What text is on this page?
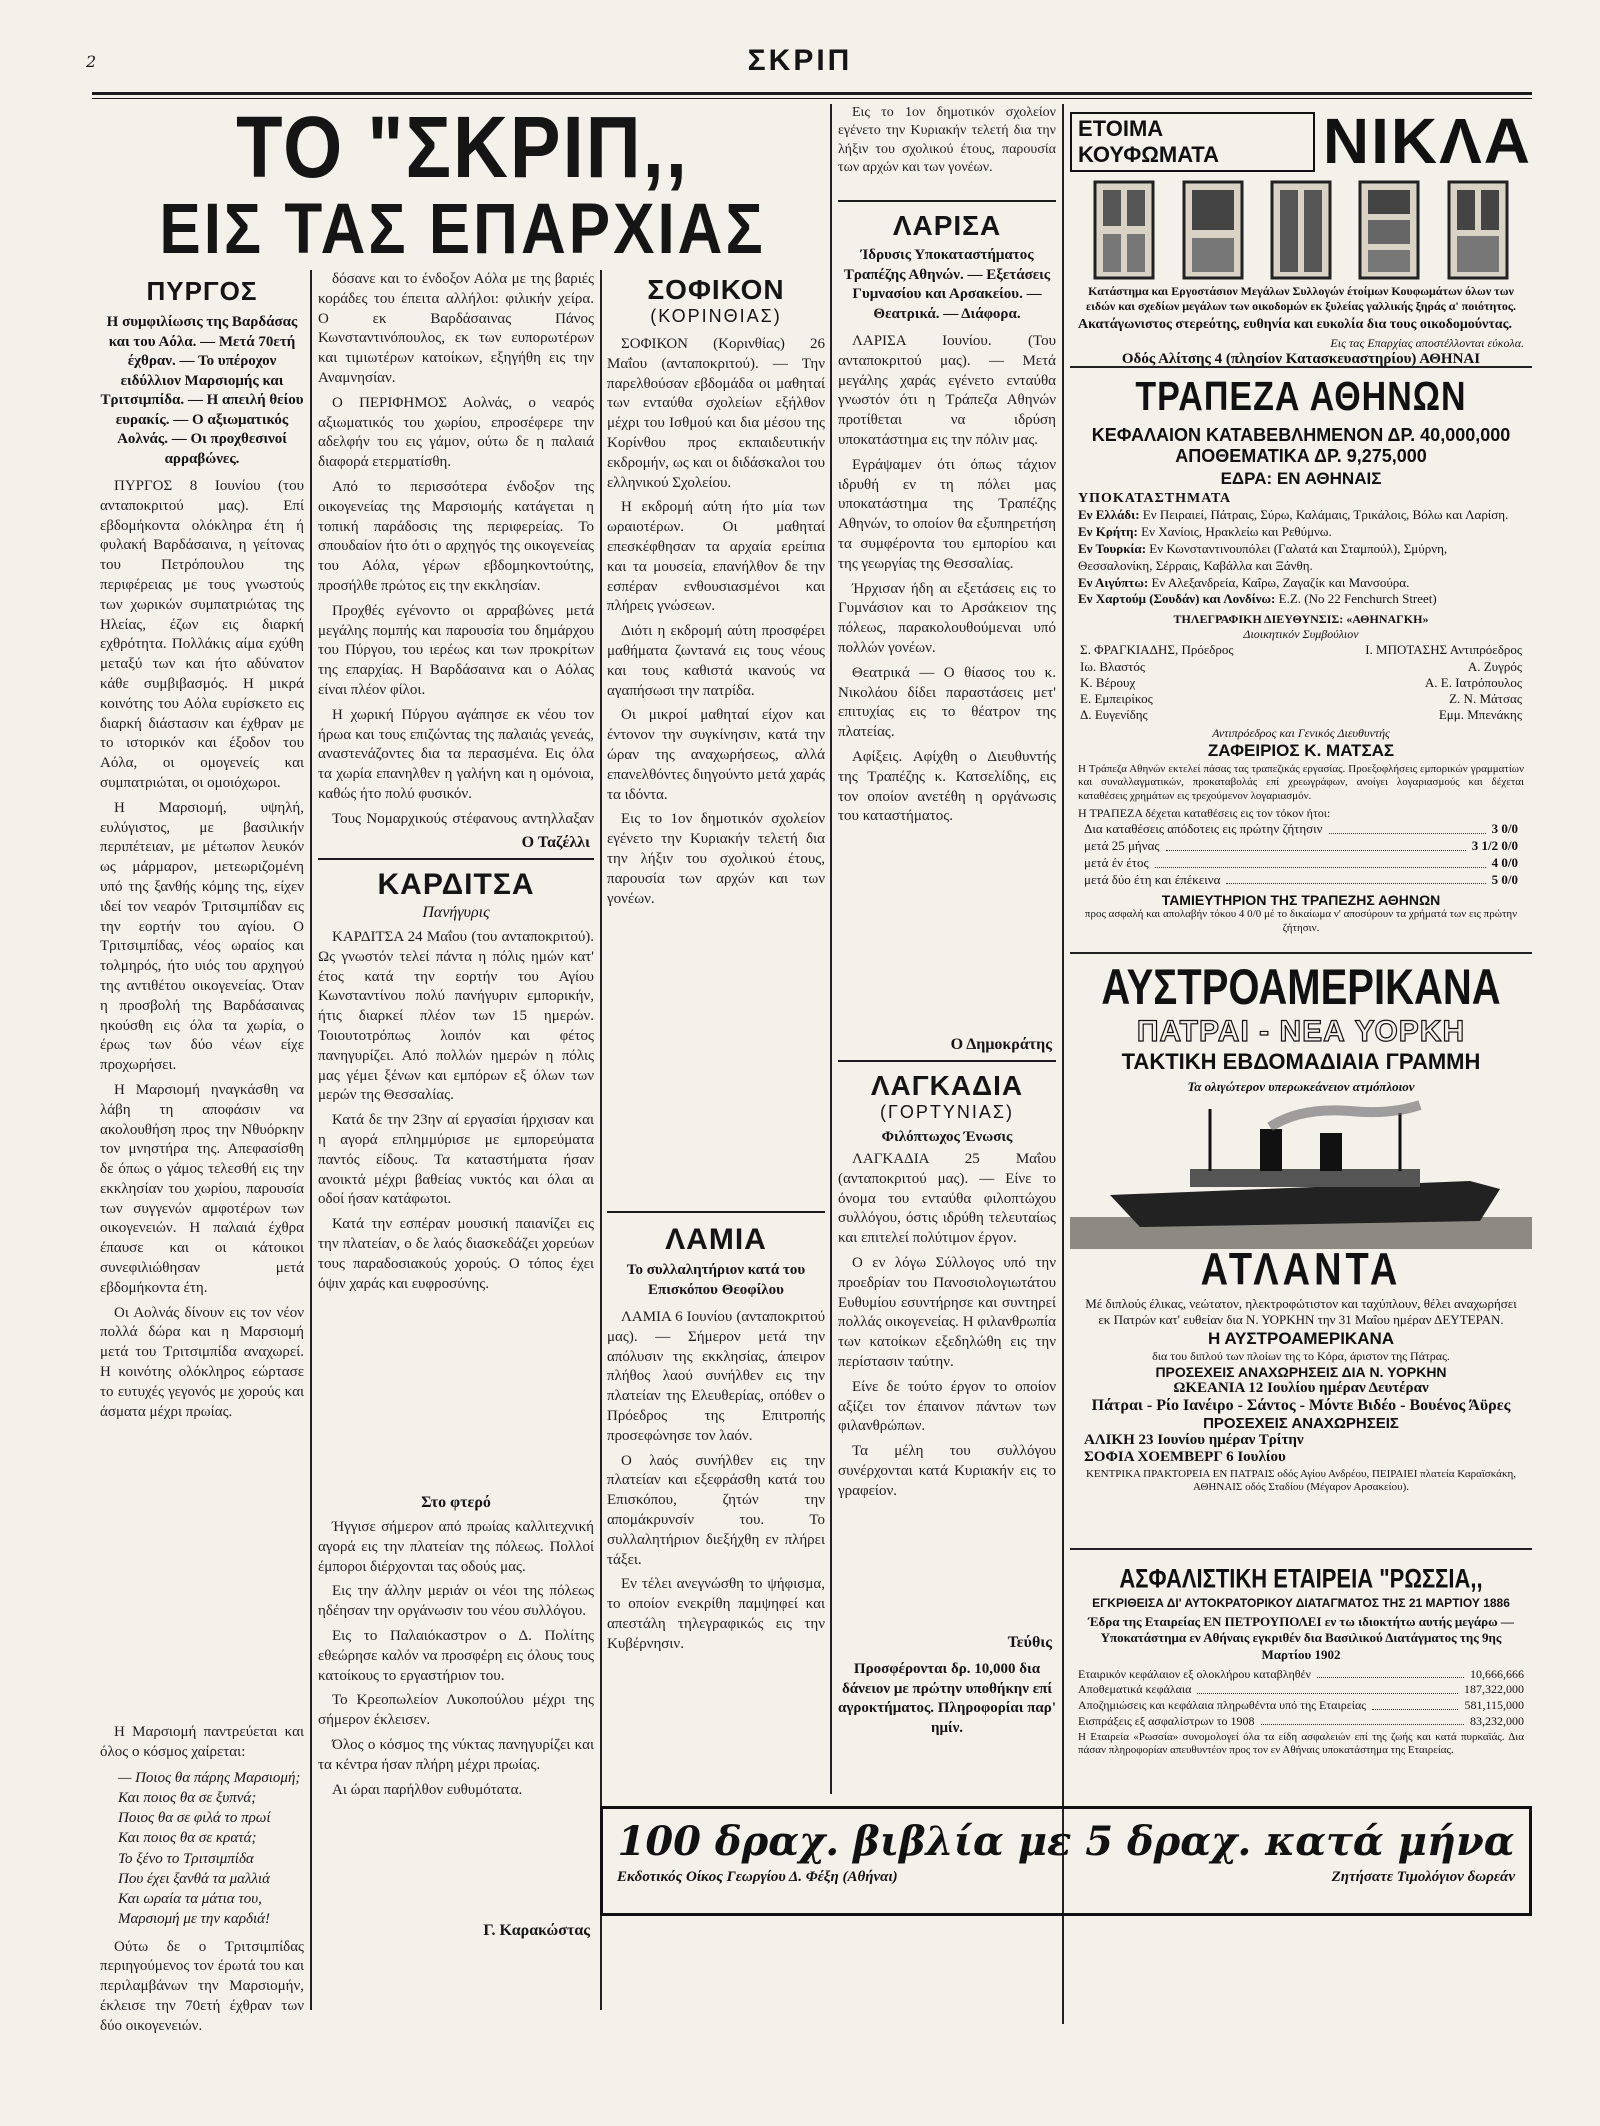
2	ΣΚΡΙΠ
ΤΟ "ΣΚΡΙΠ,,
ΕΙΣ ΤΑΣ ΕΠΑΡΧΙΑΣ
ΠΥΡΓΟΣ
Η συμφιλίωσις της Βαρδάσας και του Αόλα. — Μετά 70ετή έχθραν. — Το υπέροχον ειδύλλιον Μαρσιομής και Τριτσιμπίδα. — Η απειλή θείου ευρακίς. — Ο αξιωματικός Αολνάς. — Οι προχθεσινοί αρραβώνες.

ΠΥΡΓΟΣ 8 Ιουνίου (του ανταποκριτού μας). Επί εβδομήκοντα ολόκληρα έτη ή φυλακή Βαρδάσαινα, η γείτονας του Πετρόπουλου της περιφέρειας με τους γνωστούς των χωρικών συμπατριώτας της Ηλείας, έζων εις διαρκή εχθρότητα. Πολλάκις αίμα εχύθη μεταξύ των και ήτο αδύνατον κάθε συμβιβασμός. Η μικρά κοινότης του Αόλα ευρίσκετο εις διαρκή διάστασιν και έχθραν με το ιστορικόν και έξοδον του Αόλα, οι ομογενείς και συμπατριώται, οι ομοιόχωροι.

Η Μαρσιομή, υψηλή, ευλύγιστος, με βασιλικήν περιπέτειαν, με μέτωπον λευκόν ως μάρμαρον, μετεωριζομένη υπό της ξανθής κόμης της, είχεν ιδεί τον νεαρόν Τριτσιμπίδαν εις την εορτήν του αγίου. Ο Τριτσιμπίδας, νέος ωραίος και τολμηρός, ήτο υιός του αρχηγού της αντιθέτου οικογενείας. Όταν η προσβολή της Βαρδάσαινας ηκούσθη εις όλα τα χωρία, ο έρως των δύο νέων είχε προχωρήσει.

Η Μαρσιομή ηναγκάσθη να λάβη τη αποφάσιν να ακολουθήση προς την Νθυόρκην τον μνηστήρα της. Απεφασίσθη δε όπως ο γάμος τελεσθή εις την εκκλησίαν του χωρίου, παρουσία των συγγενών αμφοτέρων των οικογενειών. Η παλαιά έχθρα έπαυσε και οι κάτοικοι συνεφιλιώθησαν μετά εβδομήκοντα έτη.

Οι Αολνάς δίνουν εις τον νέον πολλά δώρα και η Μαρσιομή μετά του Τριτσιμπίδα αναχωρεί. Η κοινότης ολόκληρος εώρτασε το ευτυχές γεγονός με χορούς και άσματα μέχρι πρωίας.

Η Μαρσιομή παντρεύεται και όλος ο κόσμος χαίρεται:

— Ποιος θα πάρης Μαρσιομή;
Και ποιος θα σε ξυπνά;
Ποιος θα σε φιλά το πρωί
Και ποιος θα σε κρατά;
Το ξένο το Τριτσιμπίδα
Που έχει ξανθά τα μαλλιά
Και ωραία τα μάτια του,
Μαρσιομή με την καρδιά!

Ούτω δε ο Τριτσιμπίδας περιηγούμενος τον έρωτά του και περιλαμβάνων την Μαρσιομήν, έκλεισε την 70ετή έχθραν των δύο οικογενειών.

δόσανε και το ένδοξον Αόλα με της βαριές κοράδες του έπειτα αλλήλοι: φιλικήν χείρα. Ο εκ Βαρδάσαινας Πάνος Κωνσταντινόπουλος, εκ των ευπορωτέρων και τιμιωτέρων κατοίκων, εξηγήθη εις την Αναμνησίαν.

Ο ΠΕΡΙΦΗΜΟΣ Αολνάς, ο νεαρός αξιωματικός του χωρίου, επροσέφερε την αδελφήν του εις γάμον, ούτω δε η παλαιά διαφορά ετερματίσθη.

Από το περισσότερα ένδοξον της οικογενείας της Μαρσιομής κατάγεται η τοπική παράδοσις της περιφερείας. Το σπουδαίον ήτο ότι ο αρχηγός της οικογενείας του Αόλα, γέρων εβδομηκοντούτης, προσήλθε πρώτος εις την εκκλησίαν.

Προχθές εγένοντο οι αρραβώνες μετά μεγάλης πομπής και παρουσία του δημάρχου του Πύργου, του ιερέως και των προκρίτων της επαρχίας. Η Βαρδάσαινα και ο Αόλας είναι πλέον φίλοι.

Η χωρική Πύργου αγάπησε εκ νέου τον ήρωα και τους επιζώντας της παλαιάς γενεάς, αναστενάζοντες δια τα περασμένα. Εις όλα τα χωρία επανηλθεν η γαλήνη και η ομόνοια, καθώς ήτο πολύ φυσικόν.

Τους Νομαρχικούς στέφανους αντηλλαξαν

Ο Ταζέλλι
ΚΑΡΔΙΤΣΑ
Πανήγυρις

ΚΑΡΔΙΤΣΑ 24 Μαΐου (του ανταποκριτού). Ως γνωστόν τελεί πάντα η πόλις ημών κατ' έτος κατά την εορτήν του Αγίου Κωνσταντίνου πολύ πανήγυριν εμπορικήν, ήτις διαρκεί πλέον των 15 ημερών. Τοιουτοτρόπως λοιπόν και φέτος πανηγυρίζει. Από πολλών ημερών η πόλις μας γέμει ξένων και εμπόρων εξ όλων των μερών της Θεσσαλίας.

Κατά δε την 23ην αί εργασίαι ήρχισαν και η αγορά επλημμύρισε με εμπορεύματα παντός είδους. Τα καταστήματα ήσαν ανοικτά μέχρι βαθείας νυκτός και όλαι αι οδοί ήσαν κατάφωτοι.

Κατά την εσπέραν μουσική παιανίζει εις την πλατείαν, ο δε λαός διασκεδάζει χορεύων τους παραδοσιακούς χορούς. Ο τόπος έχει όψιν χαράς και ευφροσύνης.

Στο φτερό

Ήγγισε σήμερον από πρωίας καλλιτεχνική αγορά εις την πλατείαν της πόλεως. Πολλοί έμποροι διέρχονται τας οδούς μας.

Εις την άλλην μεριάν οι νέοι της πόλεως ηδέησαν την οργάνωσιν του νέου συλλόγου.

Εις το Παλαιόκαστρον ο Δ. Πολίτης εθεώρησε καλόν να προσφέρη εις όλους τους κατοίκους το εργαστήριον του.

Το Κρεοπωλείον Λυκοπούλου μέχρι της σήμερον έκλεισεν.

Όλος ο κόσμος της νύκτας πανηγυρίζει και τα κέντρα ήσαν πλήρη μέχρι πρωίας.

Αι ώραι παρήλθον ευθυμότατα.

Γ. Καρακώστας
ΣΟΦΙΚΟΝ
(ΚΟΡΙΝΘΙΑΣ)

ΣΟΦΙΚΟΝ (Κορινθίας) 26 Μαΐου (ανταποκριτού). — Την παρελθούσαν εβδομάδα οι μαθηταί των ενταύθα σχολείων εξήλθον μέχρι του Ισθμού και δια μέσου της Κορίνθου προς εκπαιδευτικήν εκδρομήν, ως και οι διδάσκαλοι του ελληνικού Σχολείου.

Η εκδρομή αύτη ήτο μία των ωραιοτέρων. Οι μαθηταί επεσκέφθησαν τα αρχαία ερείπια και τα μουσεία, επανήλθον δε την εσπέραν ενθουσιασμένοι και πλήρεις γνώσεων.

Διότι η εκδρομή αύτη προσφέρει μαθήματα ζωντανά εις τους νέους και τους καθιστά ικανούς να αγαπήσωσι την πατρίδα.

Οι μικροί μαθηταί είχον και έντονον την συγκίνησιν, κατά την ώραν της αναχωρήσεως, αλλά επανελθόντες διηγούντο μετά χαράς τα ιδόντα.

Εις το 1ον δημοτικόν σχολείον εγένετο την Κυριακήν τελετή δια την λήξιν του σχολικού έτους, παρουσία των αρχών και των γονέων.

ΛΑΜΙΑ
Το συλλαλητήριον κατά του Επισκόπου Θεοφίλου

ΛΑΜΙΑ 6 Ιουνίου (ανταποκριτού μας). — Σήμερον μετά την απόλυσιν της εκκλησίας, άπειρον πλήθος λαού συνήλθεν εις την πλατείαν της Ελευθερίας, οπόθεν ο Πρόεδρος της Επιτροπής προσεφώνησε τον λαόν.

Ο λαός συνήλθεν εις την πλατείαν και εξεφράσθη κατά του Επισκόπου, ζητών την απομάκρυνσίν του. Το συλλαλητήριον διεξήχθη εν πλήρει τάξει.

Εν τέλει ανεγνώσθη το ψήφισμα, το οποίον ενεκρίθη παμψηφεί και απεστάλη τηλεγραφικώς εις την Κυβέρνησιν.

Εις το 1ον δημοτικόν σχολείον εγένετο την Κυριακήν τελετή δια την λήξιν του σχολικού έτους, παρουσία των αρχών και των γονέων.

ΛΑΡΙΣΑ
Ίδρυσις Υποκαταστήματος Τραπέζης Αθηνών. — Εξετάσεις Γυμνασίου και Αρσακείου. — Θεατρικά. — Διάφορα.

ΛΑΡΙΣΑ Ιουνίου. (Του ανταποκριτού μας). — Μετά μεγάλης χαράς εγένετο ενταύθα γνωστόν ότι η Τράπεζα Αθηνών προτίθεται να ιδρύση υποκατάστημα εις την πόλιν μας.

Εγράψαμεν ότι όπως τάχιον ιδρυθή εν τη πόλει μας υποκατάστημα της Τραπέζης Αθηνών, το οποίον θα εξυπηρετήση τα συμφέροντα του εμπορίου και της γεωργίας της Θεσσαλίας.

Ήρχισαν ήδη αι εξετάσεις εις το Γυμνάσιον και το Αρσάκειον της πόλεως, παρακολουθούμεναι υπό πολλών γονέων.

Θεατρικά — Ο θίασος του κ. Νικολάου δίδει παραστάσεις μετ' επιτυχίας εις το θέατρον της πλατείας.

Αφίξεις. Αφίχθη ο Διευθυντής της Τραπέζης κ. Κατσελίδης, εις τον οποίον ανετέθη η οργάνωσις του καταστήματος.

Ο Δημοκράτης
ΛΑΓΚΑΔΙΑ
(ΓΟΡΤΥΝΙΑΣ)
Φιλόπτωχος Ένωσις

ΛΑΓΚΑΔΙΑ 25 Μαΐου (ανταποκριτού μας). — Είνε το όνομα του ενταύθα φιλοπτώχου συλλόγου, όστις ιδρύθη τελευταίως και επιτελεί πολύτιμον έργον.

Ο εν λόγω Σύλλογος υπό την προεδρίαν του Πανοσιολογιωτάτου Ευθυμίου εσυντήρησε και συντηρεί πολλάς οικογενείας. Η φιλανθρωπία των κατοίκων εξεδηλώθη εις την περίστασιν ταύτην.

Είνε δε τούτο έργον το οποίον αξίζει τον έπαινον πάντων των φιλανθρώπων.

Τα μέλη του συλλόγου συνέρχονται κατά Κυριακήν εις το γραφείον.

Τεύθις
Προσφέρονται δρ. 10,000 δια δάνειον με πρώτην υποθήκην επί αγροκτήματος. Πληροφορίαι παρ' ημίν.
ΕΤΟΙΜΑ ΚΟΥΦΩΜΑΤΑ	ΝΙΚΛΑ
Κατάστημα και Εργοστάσιον Μεγάλων Συλλογών έτοίμων Κουφωμάτων όλων των ειδών και σχεδίων μεγάλων των οικοδομών εκ ξυλείας γαλλικής ξηράς α' ποιότητος.
Ακατάγωνιστος στερεότης, ευθηνία και ευκολία δια τους οικοδομούντας.
Εις τας Επαρχίας αποστέλλονται εύκολα.
Οδός Αλίτσης 4 (πλησίον Κατασκευαστηρίου) ΑΘΗΝΑΙ
ΤΡΑΠΕΖΑ ΑΘΗΝΩΝ
ΚΕΦΑΛΑΙΟΝ ΚΑΤΑΒΕΒΛΗΜΕΝΟΝ ΔΡ. 40,000,000
ΑΠΟΘΕΜΑΤΙΚΑ ΔΡ. 9,275,000
ΕΔΡΑ: ΕΝ ΑΘΗΝΑΙΣ
ΥΠΟΚΑΤΑΣΤΗΜΑΤΑ
Εν Ελλάδι: Εν Πειραιεί, Πάτραις, Σύρω, Καλάμαις, Τρικάλοις, Βόλω και Λαρίση.
Εν Κρήτη: Εν Χανίοις, Ηρακλείω και Ρεθύμνω.
Εν Τουρκία: Εν Κωνσταντινουπόλει (Γαλατά και Σταμπούλ), Σμύρνη, Θεσσαλονίκη, Σέρραις, Καβάλλα και Ξάνθη.
Εν Αιγύπτω: Εν Αλεξανδρεία, Καΐρω, Ζαγαζίκ και Μανσούρα.
Εν Χαρτούμ (Σουδάν) και Λονδίνω: Ε.Ζ. (No 22 Fenchurch Street)
ΤΗΛΕΓΡΑΦΙΚΗ ΔΙΕΥΘΥΝΣΙΣ: «ΑΘΗΝΑΓΚΗ»
Διοικητικόν Συμβούλιον
Σ. ΦΡΑΓΚΙΑΔΗΣ, Πρόεδρος	Ι. ΜΠΟΤΑΣΗΣ Αντιπρόεδρος
Ιω. Βλαστός	Α. Ζυγρός
Κ. Βέρουχ	Α. Ε. Ιατρόπουλος
Ε. Εμπειρίκος	Ζ. Ν. Μάτσας
Δ. Ευγενίδης	Εμμ. Μπενάκης
Αντιπρόεδρος και Γενικός Διευθυντής
ΖΑΦΕΙΡΙΟΣ Κ. ΜΑΤΣΑΣ
Η Τράπεζα Αθηνών εκτελεί πάσας τας τραπεζικάς εργασίας. Προεξοφλήσεις εμπορικών γραμματίων και συναλλαγματικών, προκαταβολάς επί χρεωγράφων, ανοίγει λογαριασμούς και δέχεται καταθέσεις χρημάτων εις τρεχούμενον λογαριασμόν.
Η ΤΡΑΠΕΖΑ δέχεται καταθέσεις εις τον τόκον ήτοι:
Δια καταθέσεις απόδοτεις εις πρώτην ζήτησιν	3 0/0
μετά 25 μήνας	3 1/2 0/0
μετά έν έτος	4 0/0
μετά δύο έτη και έπέκεινα	5 0/0
ΤΑΜΙΕΥΤΗΡΙΟΝ ΤΗΣ ΤΡΑΠΕΖΗΣ ΑΘΗΝΩΝ
προς ασφαλή και απολαβήν τόκου 4 0/0 μέ το δικαίωμα ν' αποσύρουν τα χρήματά των εις πρώτην ζήτησιν.
ΑΥΣΤΡΟΑΜΕΡΙΚΑΝΑ
ΠΑΤΡΑΙ - ΝΕΑ ΥΟΡΚΗ
ΤΑΚΤΙΚΗ ΕΒΔΟΜΑΔΙΑΙΑ ΓΡΑΜΜΗ
Τα ολιγώτερον υπερωκεάνειον ατμόπλοιον
ΑΤΛΑΝΤΑ
Μέ διπλούς έλικας, νεώτατον, ηλεκτροφώτιστον και ταχύπλουν, θέλει αναχωρήσει εκ Πατρών κατ' ευθείαν δια Ν. ΥΟΡΚΗΝ την 31 Μαΐου ημέραν ΔΕΥΤΕΡΑΝ.
Η ΑΥΣΤΡΟΑΜΕΡΙΚΑΝΑ
δια του διπλού των πλοίων της το Κόρα, άριστον της Πάτρας.
ΠΡΟΣΕΧΕΙΣ ΑΝΑΧΩΡΗΣΕΙΣ ΔΙΑ Ν. ΥΟΡΚΗΝ
ΩΚΕΑΝΙΑ 12 Ιουλίου ημέραν Δευτέραν
Πάτραι - Ρίο Ιανέιρο - Σάντος - Μόντε Βιδέο - Βουένος Άϋρες
ΠΡΟΣΕΧΕΙΣ ΑΝΑΧΩΡΗΣΕΙΣ
ΑΛΙΚΗ 23 Ιουνίου ημέραν Τρίτην
ΣΟΦΙΑ ΧΟΕΜΒΕΡΓ 6 Ιουλίου
ΚΕΝΤΡΙΚΑ ΠΡΑΚΤΟΡΕΙΑ ΕΝ ΠΑΤΡΑΙΣ οδός Αγίου Ανδρέου, ΠΕΙΡΑΙΕΙ πλατεία Καραϊσκάκη, ΑΘΗΝΑΙΣ οδός Σταδίου (Μέγαρον Αρσακείου).
ΑΣΦΑΛΙΣΤΙΚΗ ΕΤΑΙΡΕΙΑ "ΡΩΣΣΙΑ,,
ΕΓΚΡΙΘΕΙΣΑ ΔΙ' ΑΥΤΟΚΡΑΤΟΡΙΚΟΥ ΔΙΑΤΑΓΜΑΤΟΣ ΤΗΣ 21 ΜΑΡΤΙΟΥ 1886
Έδρα της Εταιρείας ΕΝ ΠΕΤΡΟΥΠΟΛΕΙ εν τω ιδιοκτήτω αυτής μεγάρω — Υποκατάστημα εν Αθήναις εγκριθέν δια Βασιλικού Διατάγματος της 9ης Μαρτίου 1902
Εταιρικόν κεφάλαιον εξ ολοκλήρου καταβληθέν	10,666,666
Αποθεματικά κεφάλαια	187,322,000
Αποζημιώσεις και κεφάλαια πληρωθέντα υπό της Εταιρείας	581,115,000
Εισπράξεις εξ ασφαλίστρων το 1908	83,232,000
Η Εταιρεία «Ρωσσία» συνομολογεί όλα τα είδη ασφαλειών επί της ζωής και κατά πυρκαϊάς. Δια πάσαν πληροφορίαν απευθυντέον προς τον εν Αθήναις υποκατάστημα της Εταιρείας.
100 δραχ. βιβλία με 5 δραχ. κατά μήνα
Εκδοτικός Οίκος Γεωργίου Δ. Φέξη (Αθήναι)	Ζητήσατε Τιμολόγιον δωρεάν
